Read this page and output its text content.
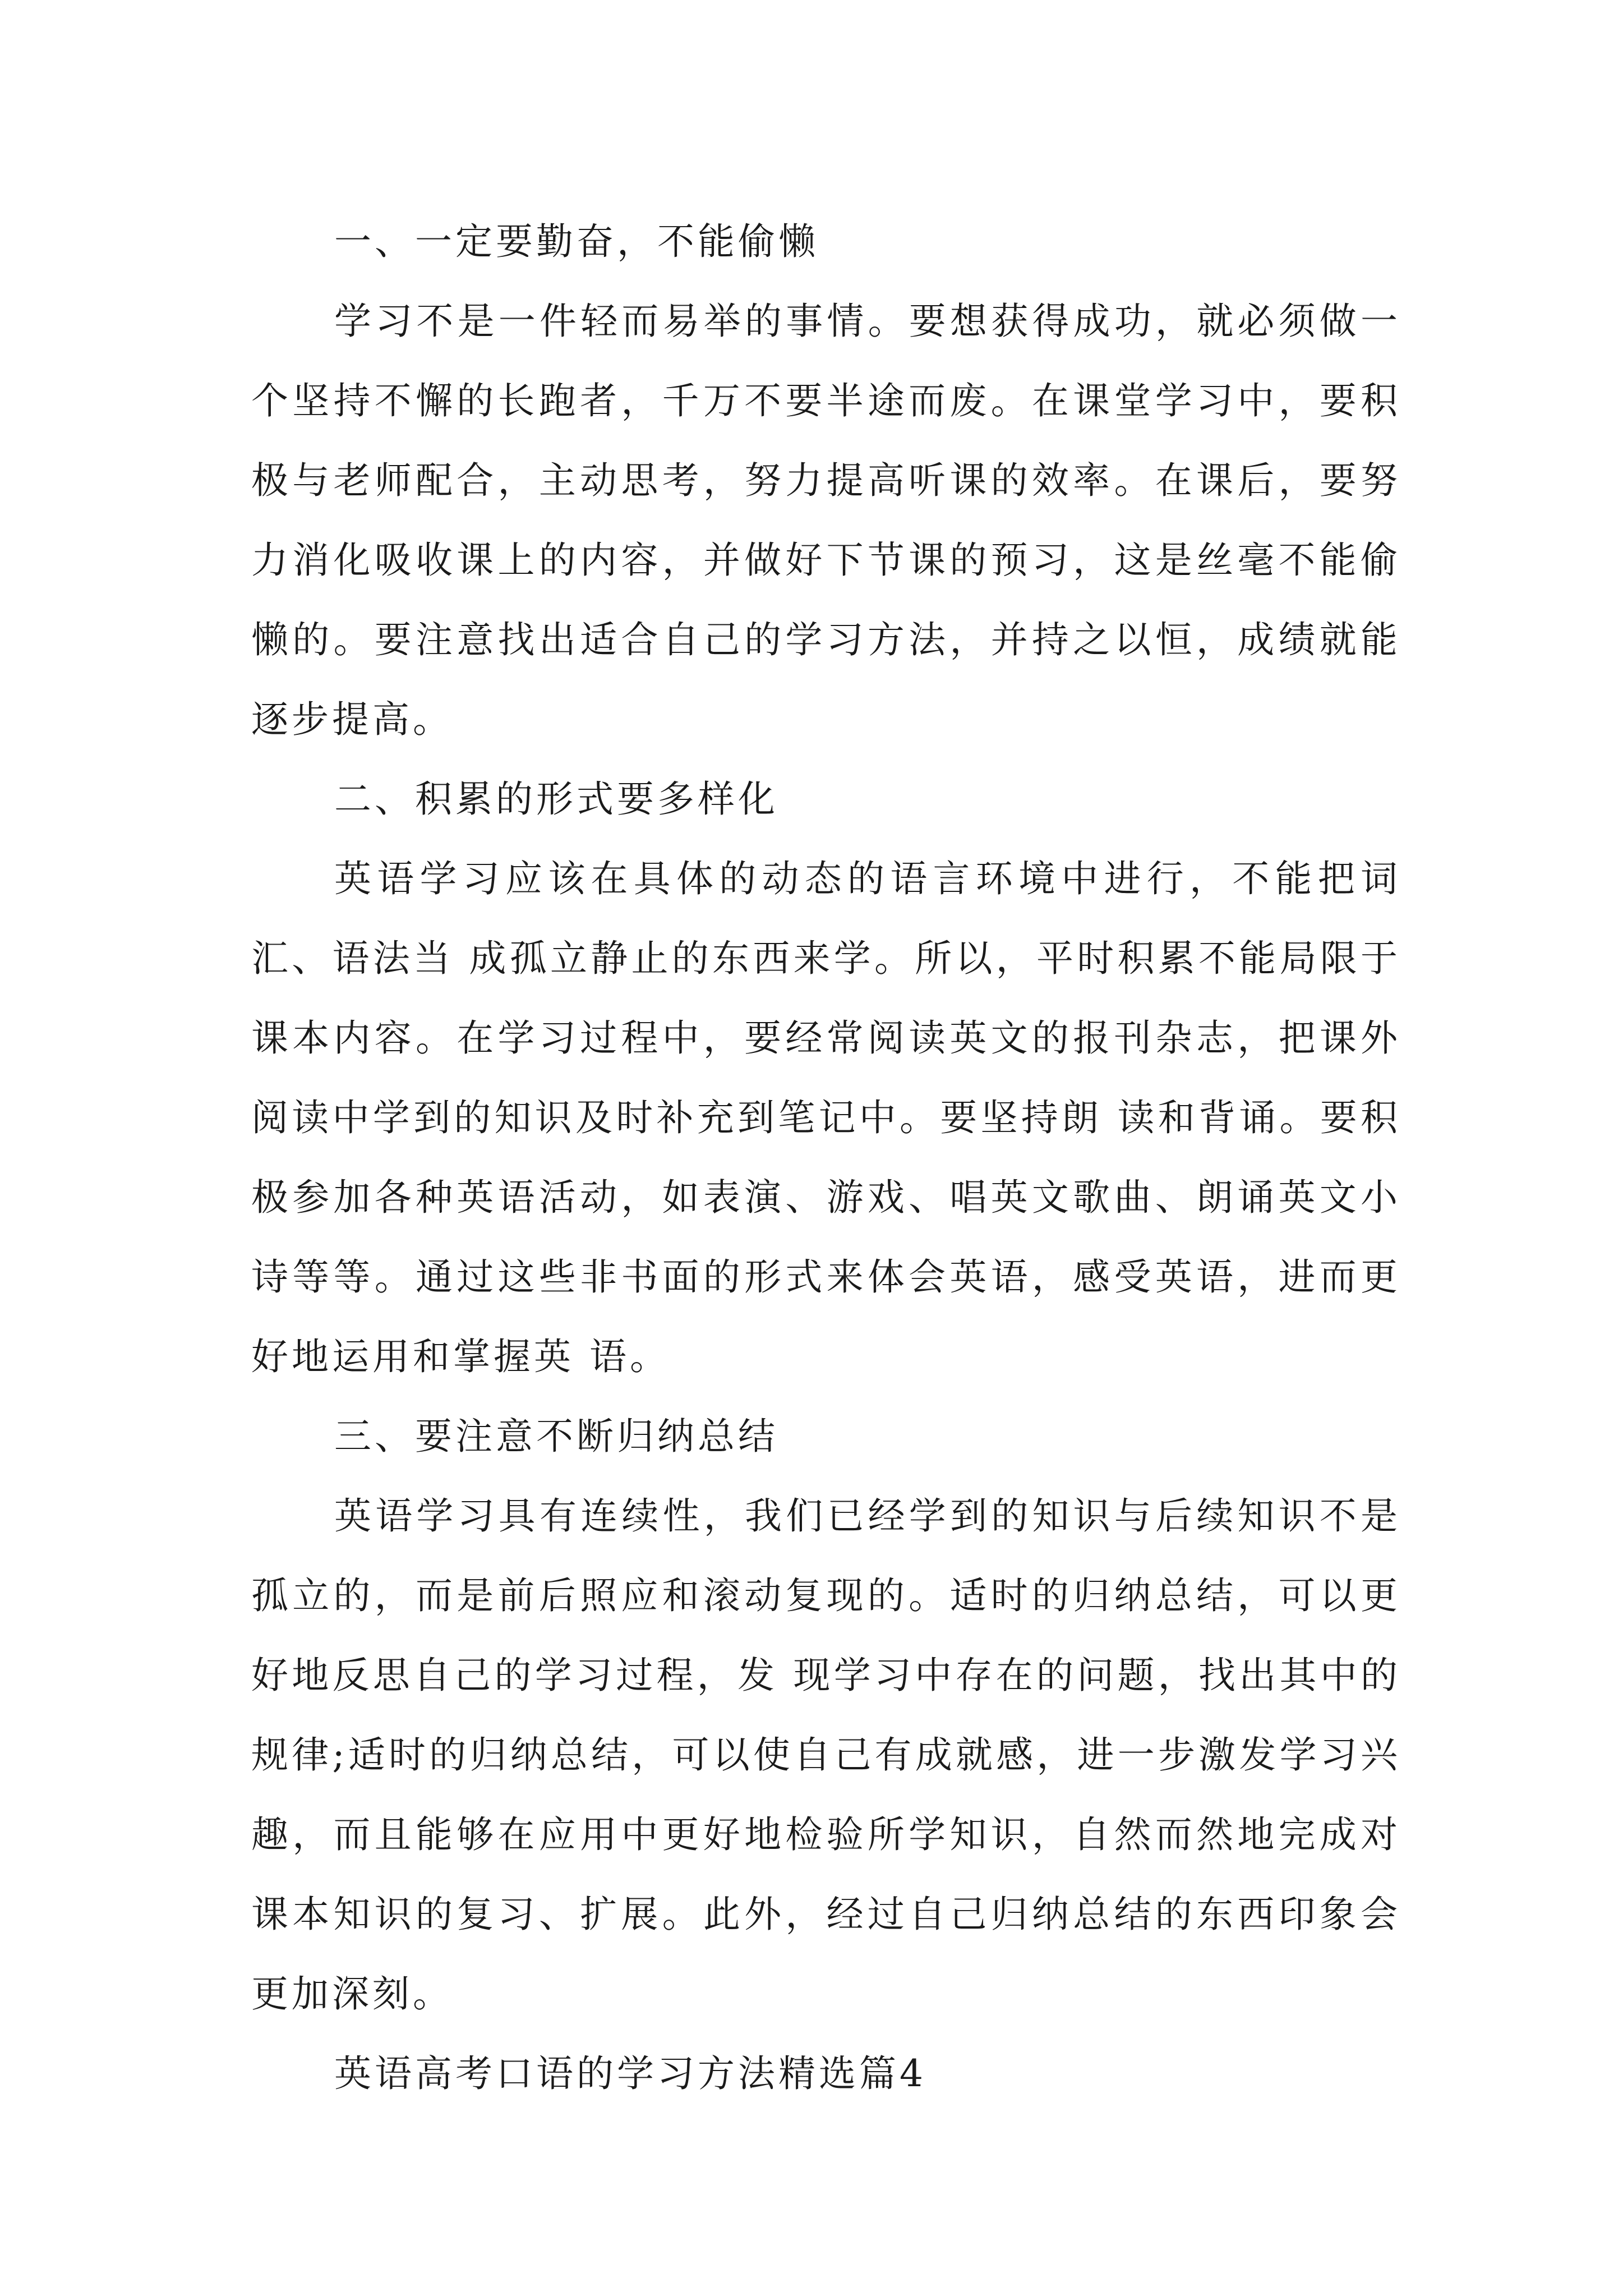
一、一定要勤奋，不能偷懒

学习不是一件轻而易举的事情。要想获得成功，就必须做一个坚持不懈的长跑者，千万不要半途而废。在课堂学习中，要积极与老师配合，主动思考，努力提高听课的效率。在课后，要努力消化吸收课上的内容，并做好下节课的预习，这是丝毫不能偷懒的。要注意找出适合自己的学习方法，并持之以恒，成绩就能逐步提高。

二、积累的形式要多样化

英语学习应该在具体的动态的语言环境中进行，不能把词汇、语法当 成孤立静止的东西来学。所以，平时积累不能局限于课本内容。在学习过程中，要经常阅读英文的报刊杂志，把课外阅读中学到的知识及时补充到笔记中。要坚持朗 读和背诵。要积极参加各种英语活动，如表演、游戏、唱英文歌曲、朗诵英文小诗等等。通过这些非书面的形式来体会英语，感受英语，进而更好地运用和掌握英 语。

三、要注意不断归纳总结

英语学习具有连续性，我们已经学到的知识与后续知识不是孤立的，而是前后照应和滚动复现的。适时的归纳总结，可以更好地反思自己的学习过程，发 现学习中存在的问题，找出其中的规律;适时的归纳总结，可以使自己有成就感，进一步激发学习兴趣，而且能够在应用中更好地检验所学知识，自然而然地完成对 课本知识的复习、扩展。此外，经过自己归纳总结的东西印象会更加深刻。

英语高考口语的学习方法精选篇4
